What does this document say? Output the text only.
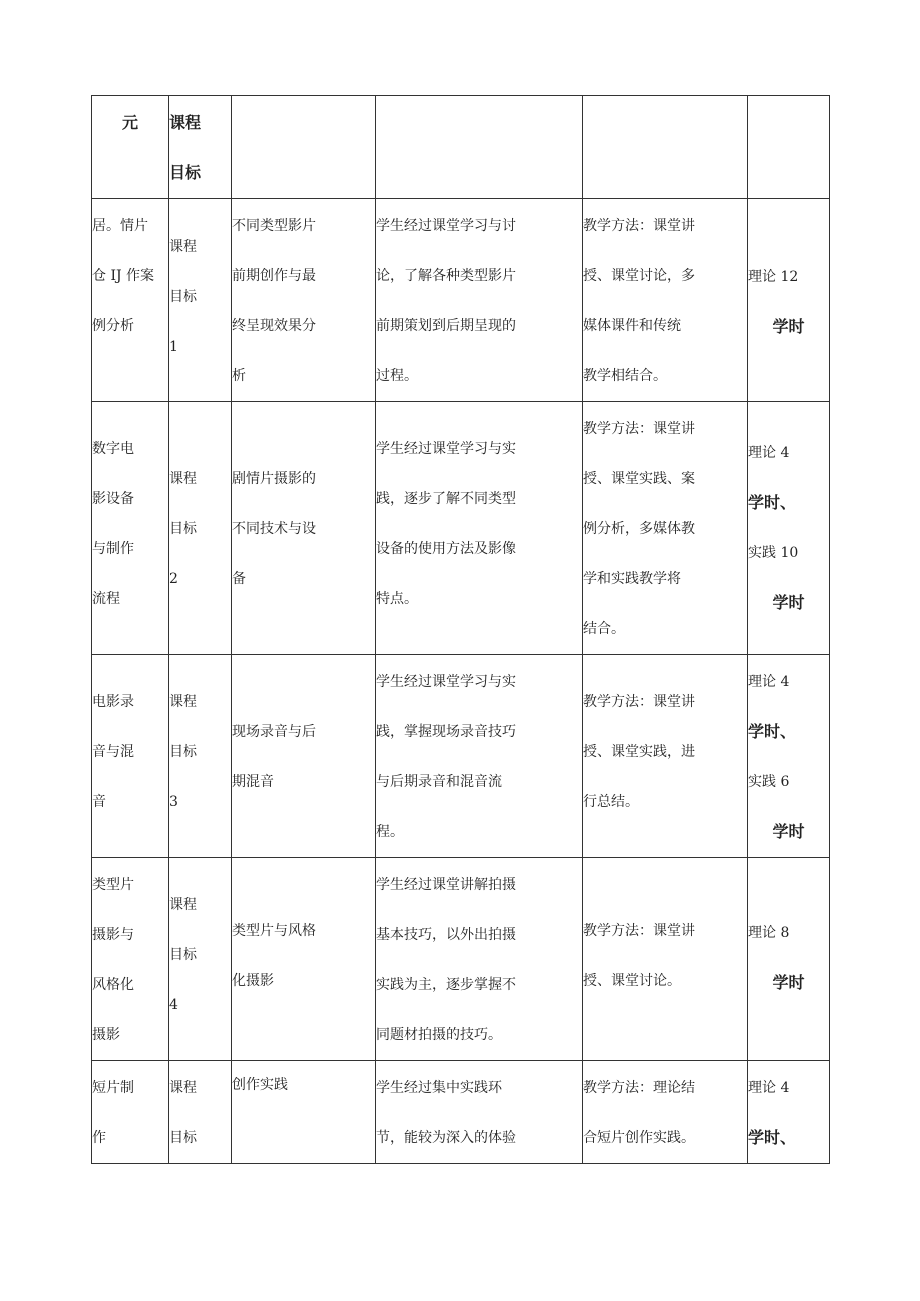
元	课程
目标				

居。情片
仓 IJ 作案
例分析	课程
目标
1	不同类型影片
前期创作与最
终呈现效果分
析	学生经过课堂学习与讨
论，了解各种类型影片
前期策划到后期呈现的
过程。	教学方法：课堂讲
授、课堂讨论，多
媒体课件和传统
教学相结合。	理论 12
学时

数字电
影设备
与制作
流程	课程
目标
2	剧情片摄影的
不同技术与设
备	学生经过课堂学习与实
践，逐步了解不同类型
设备的使用方法及影像
特点。	教学方法：课堂讲
授、课堂实践、案
例分析，多媒体教
学和实践教学将
结合。	理论 4
学时、
实践 10
学时

电影录
音与混
音	课程
目标
3	现场录音与后
期混音	学生经过课堂学习与实
践，掌握现场录音技巧
与后期录音和混音流
程。	教学方法：课堂讲
授、课堂实践，进
行总结。	理论 4
学时、
实践 6
学时

类型片
摄影与
风格化
摄影	课程
目标
4	类型片与风格
化摄影	学生经过课堂讲解拍摄
基本技巧，以外出拍摄
实践为主，逐步掌握不
同题材拍摄的技巧。	教学方法：课堂讲
授、课堂讨论。	理论 8
学时

短片制
作	课程
目标	创作实践	学生经过集中实践环
节，能较为深入的体验	教学方法：理论结
合短片创作实践。	理论 4
学时、
